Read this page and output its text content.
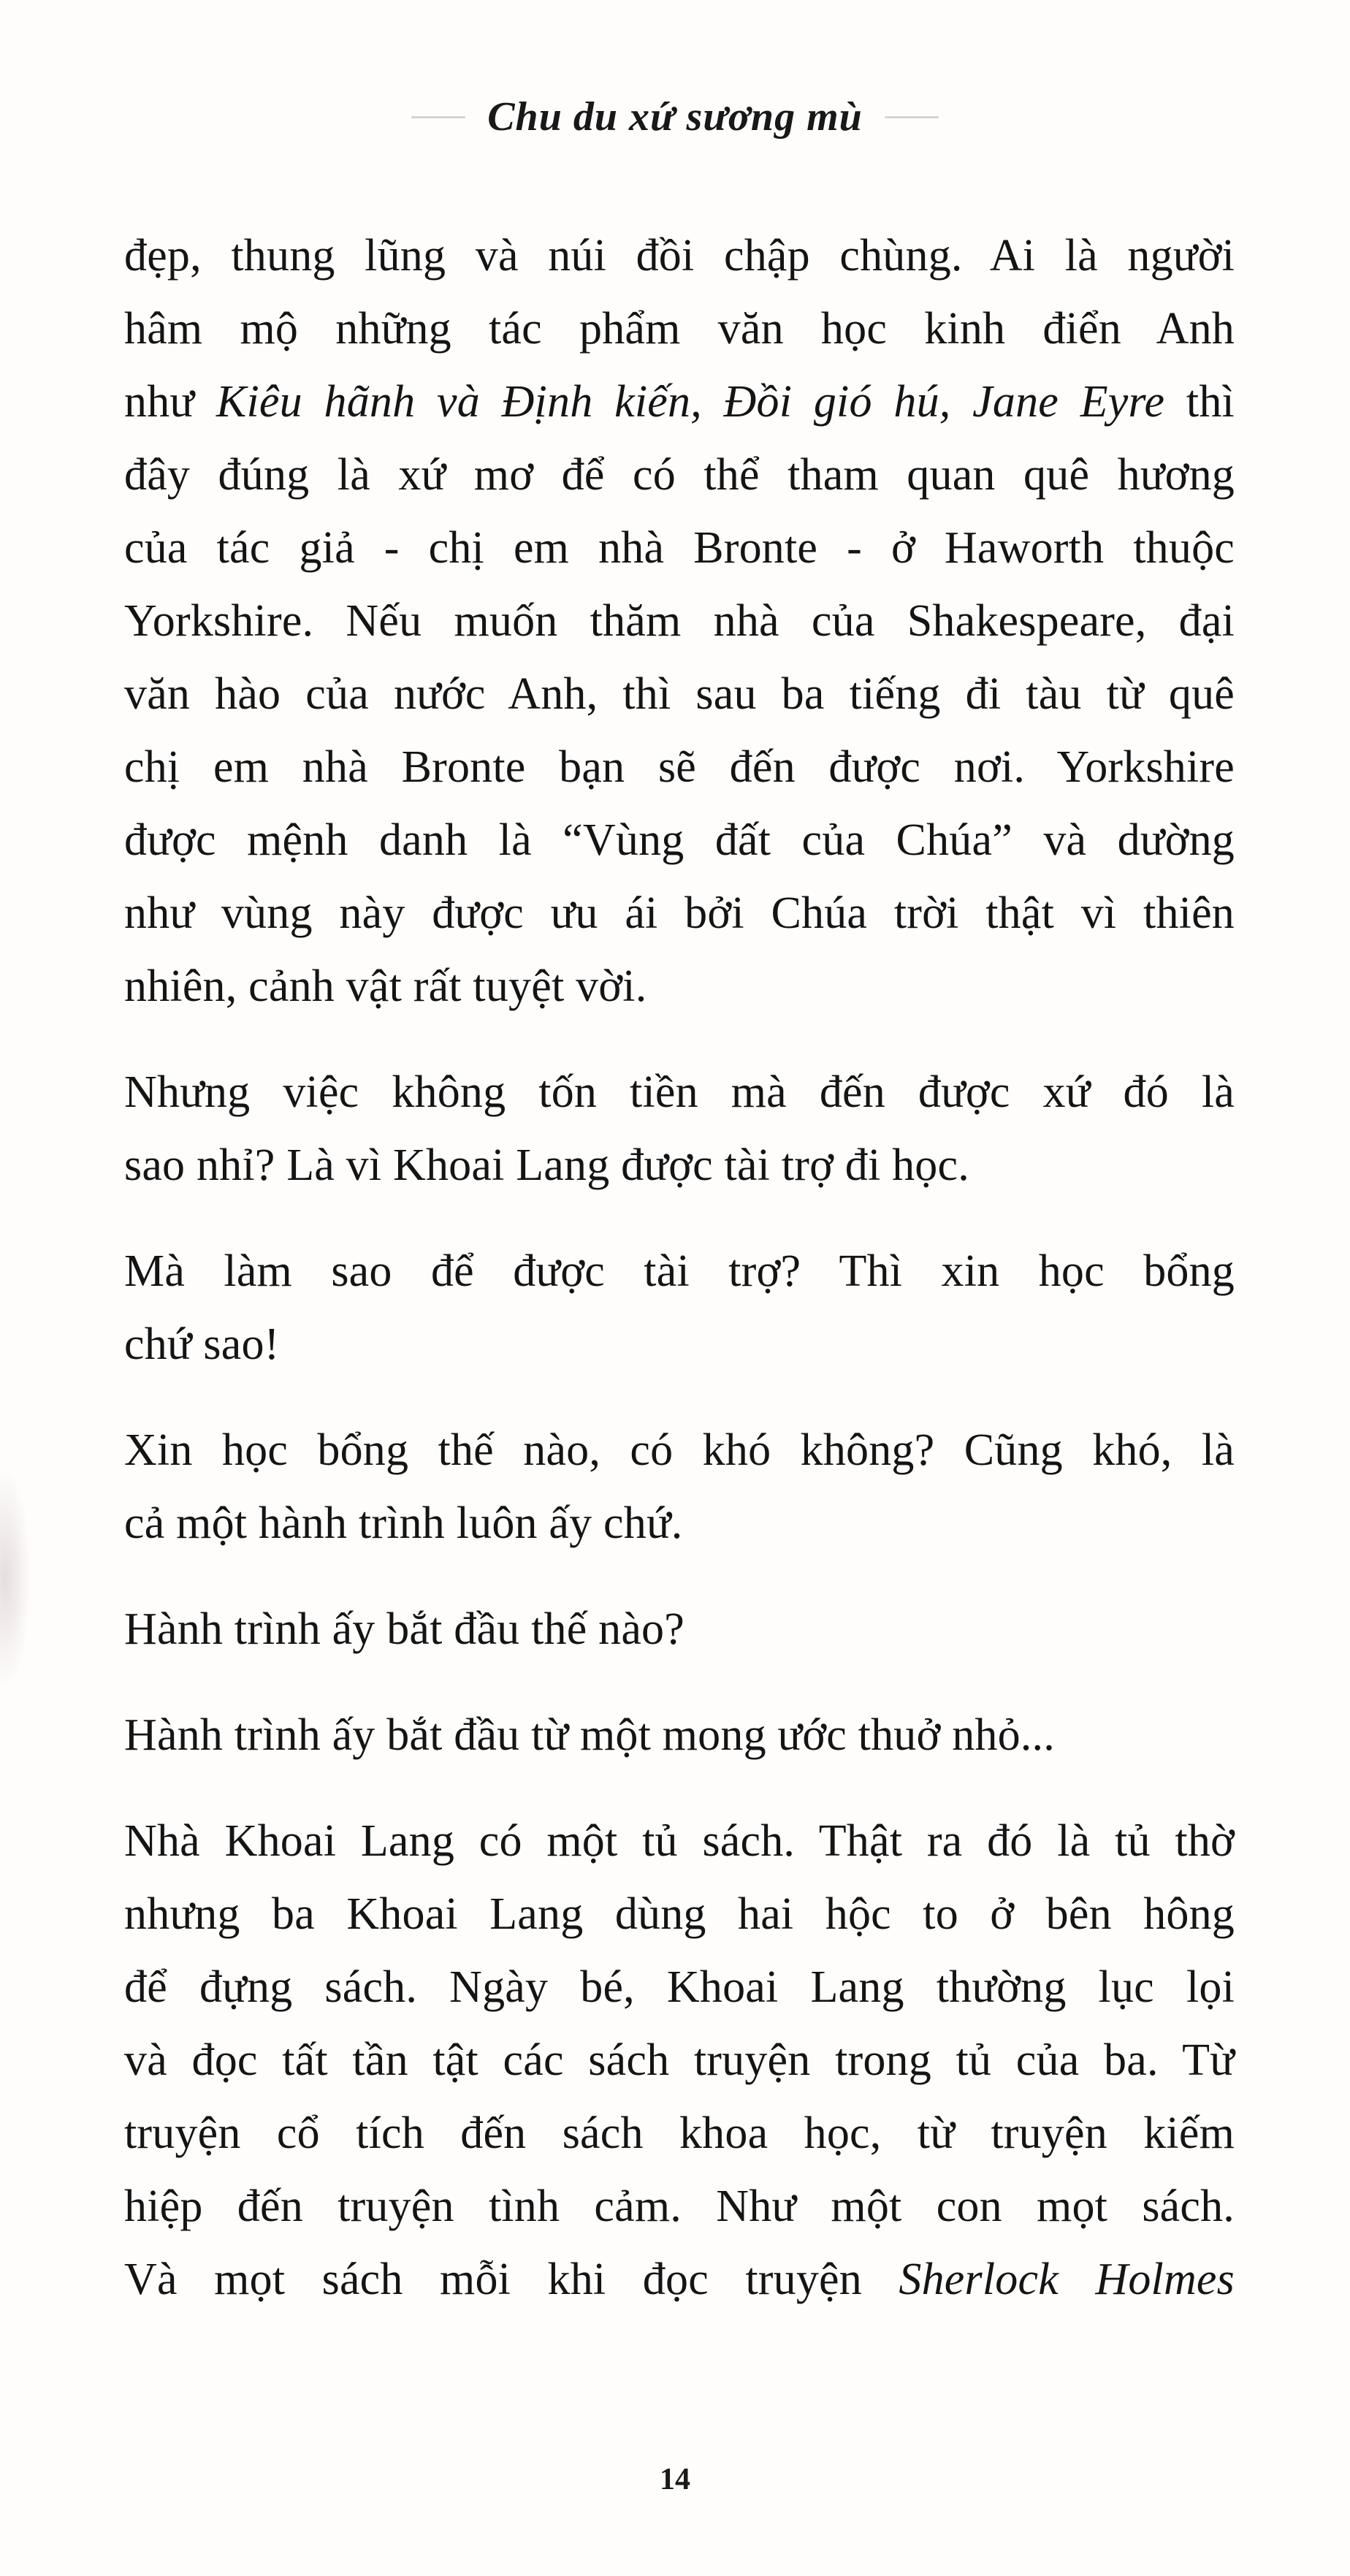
Chu du xứ sương mù
đẹp, thung lũng và núi đồi chập chùng. Ai là người
hâm mộ những tác phẩm văn học kinh điển Anh
như Kiêu hãnh và Định kiến, Đồi gió hú, Jane Eyre thì
đây đúng là xứ mơ để có thể tham quan quê hương
của tác giả - chị em nhà Bronte - ở Haworth thuộc
Yorkshire. Nếu muốn thăm nhà của Shakespeare, đại
văn hào của nước Anh, thì sau ba tiếng đi tàu từ quê
chị em nhà Bronte bạn sẽ đến được nơi. Yorkshire
được mệnh danh là “Vùng đất của Chúa” và dường
như vùng này được ưu ái bởi Chúa trời thật vì thiên
nhiên, cảnh vật rất tuyệt vời.
Nhưng việc không tốn tiền mà đến được xứ đó là
sao nhỉ? Là vì Khoai Lang được tài trợ đi học.
Mà làm sao để được tài trợ? Thì xin học bổng
chứ sao!
Xin học bổng thế nào, có khó không? Cũng khó, là
cả một hành trình luôn ấy chứ.
Hành trình ấy bắt đầu thế nào?
Hành trình ấy bắt đầu từ một mong ước thuở nhỏ...
Nhà Khoai Lang có một tủ sách. Thật ra đó là tủ thờ
nhưng ba Khoai Lang dùng hai hộc to ở bên hông
để đựng sách. Ngày bé, Khoai Lang thường lục lọi
và đọc tất tần tật các sách truyện trong tủ của ba. Từ
truyện cổ tích đến sách khoa học, từ truyện kiếm
hiệp đến truyện tình cảm. Như một con mọt sách.
Và mọt sách mỗi khi đọc truyện Sherlock Holmes
14
